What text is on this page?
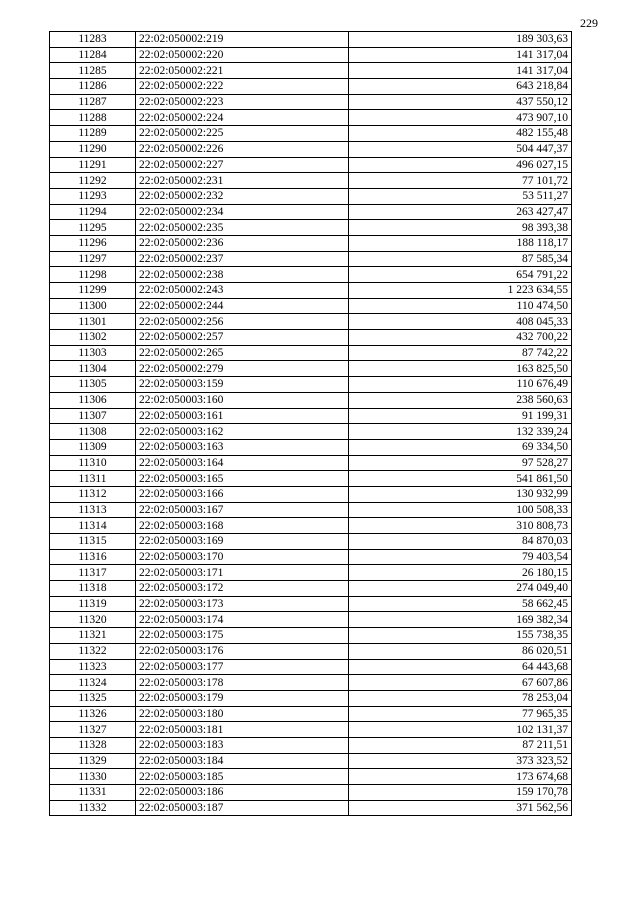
229
11283	22:02:050002:219	189 303,63
11284	22:02:050002:220	141 317,04
11285	22:02:050002:221	141 317,04
11286	22:02:050002:222	643 218,84
11287	22:02:050002:223	437 550,12
11288	22:02:050002:224	473 907,10
11289	22:02:050002:225	482 155,48
11290	22:02:050002:226	504 447,37
11291	22:02:050002:227	496 027,15
11292	22:02:050002:231	77 101,72
11293	22:02:050002:232	53 511,27
11294	22:02:050002:234	263 427,47
11295	22:02:050002:235	98 393,38
11296	22:02:050002:236	188 118,17
11297	22:02:050002:237	87 585,34
11298	22:02:050002:238	654 791,22
11299	22:02:050002:243	1 223 634,55
11300	22:02:050002:244	110 474,50
11301	22:02:050002:256	408 045,33
11302	22:02:050002:257	432 700,22
11303	22:02:050002:265	87 742,22
11304	22:02:050002:279	163 825,50
11305	22:02:050003:159	110 676,49
11306	22:02:050003:160	238 560,63
11307	22:02:050003:161	91 199,31
11308	22:02:050003:162	132 339,24
11309	22:02:050003:163	69 334,50
11310	22:02:050003:164	97 528,27
11311	22:02:050003:165	541 861,50
11312	22:02:050003:166	130 932,99
11313	22:02:050003:167	100 508,33
11314	22:02:050003:168	310 808,73
11315	22:02:050003:169	84 870,03
11316	22:02:050003:170	79 403,54
11317	22:02:050003:171	26 180,15
11318	22:02:050003:172	274 049,40
11319	22:02:050003:173	58 662,45
11320	22:02:050003:174	169 382,34
11321	22:02:050003:175	155 738,35
11322	22:02:050003:176	86 020,51
11323	22:02:050003:177	64 443,68
11324	22:02:050003:178	67 607,86
11325	22:02:050003:179	78 253,04
11326	22:02:050003:180	77 965,35
11327	22:02:050003:181	102 131,37
11328	22:02:050003:183	87 211,51
11329	22:02:050003:184	373 323,52
11330	22:02:050003:185	173 674,68
11331	22:02:050003:186	159 170,78
11332	22:02:050003:187	371 562,56
